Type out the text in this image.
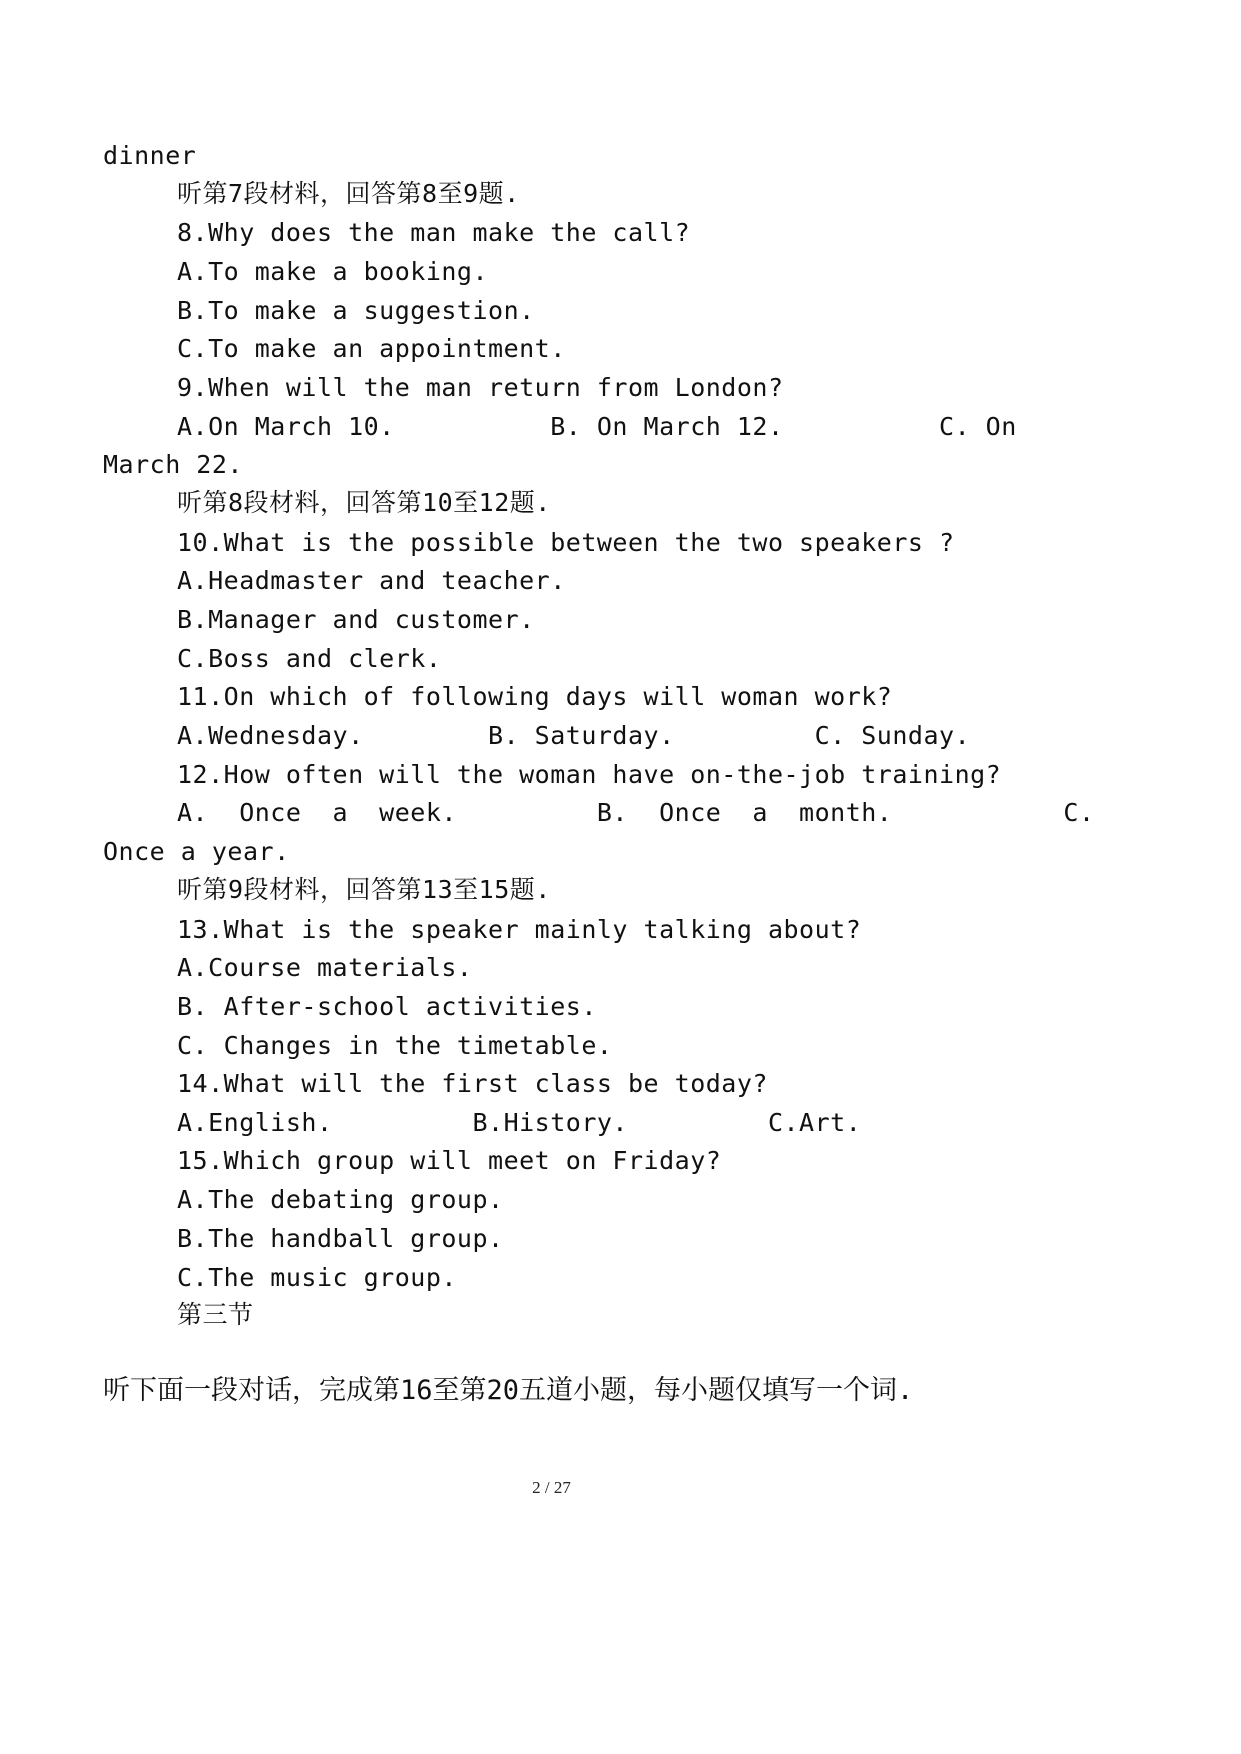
dinner
听第7段材料，回答第8至9题.
8.Why does the man make the call?
A.To make a booking.
B.To make a suggestion.
C.To make an appointment.
9.When will the man return from London?
A.On March 10.          B. On March 12.          C. On
March 22.
听第8段材料，回答第10至12题.
10.What is the possible between the two speakers ?
A.Headmaster and teacher.
B.Manager and customer.
C.Boss and clerk.
11.On which of following days will woman work?
A.Wednesday.        B. Saturday.         C. Sunday.
12.How often will the woman have on-the-job training?
A.  Once  a  week.         B.  Once  a  month.           C.
Once a year.
听第9段材料，回答第13至15题.
13.What is the speaker mainly talking about?
A.Course materials.
B. After-school activities.
C. Changes in the timetable.
14.What will the first class be today?
A.English.         B.History.         C.Art.
15.Which group will meet on Friday?
A.The debating group.
B.The handball group.
C.The music group.
第三节
听下面一段对话，完成第16至第20五道小题，每小题仅填写一个词.
2 / 27
